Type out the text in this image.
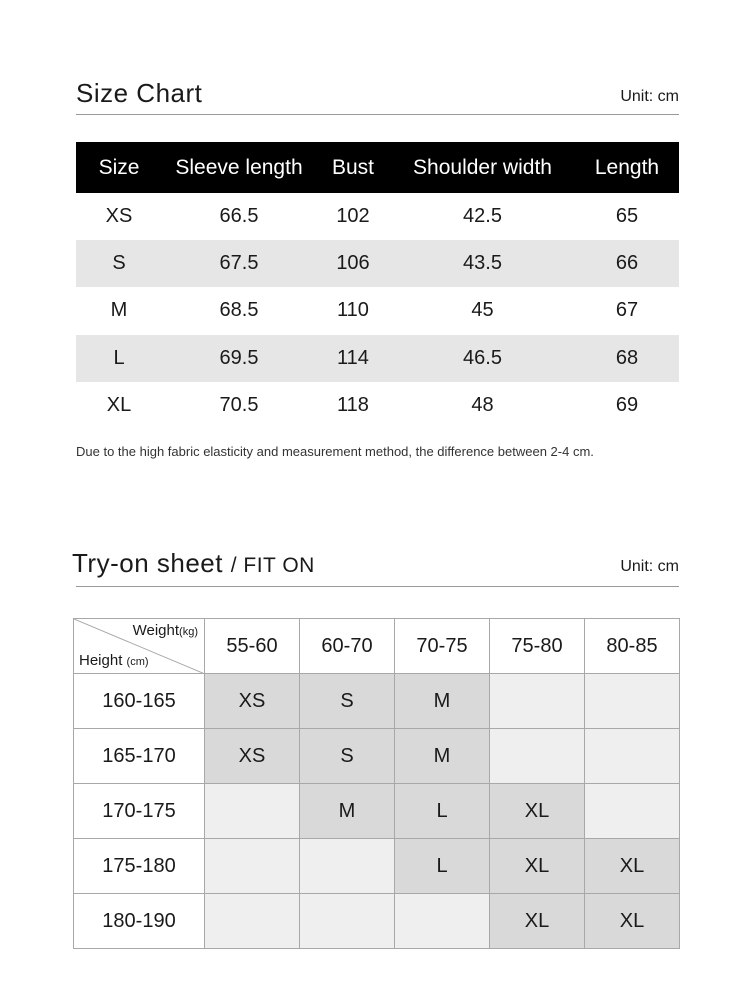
Size Chart	Unit: cm
Size	Sleeve length	Bust	Shoulder width	Length
XS	66.5	102	42.5	65
S	67.5	106	43.5	66
M	68.5	110	45	67
L	69.5	114	46.5	68
XL	70.5	118	48	69
Due to the high fabric elasticity and measurement method, the difference between 2-4 cm.
Try-on sheet / FIT ON	Unit: cm
Weight(kg)
Height (cm)	55-60	60-70	70-75	75-80	80-85
160-165	XS	S	M		
165-170	XS	S	M		
170-175		M	L	XL	
175-180			L	XL	XL
180-190				XL	XL
